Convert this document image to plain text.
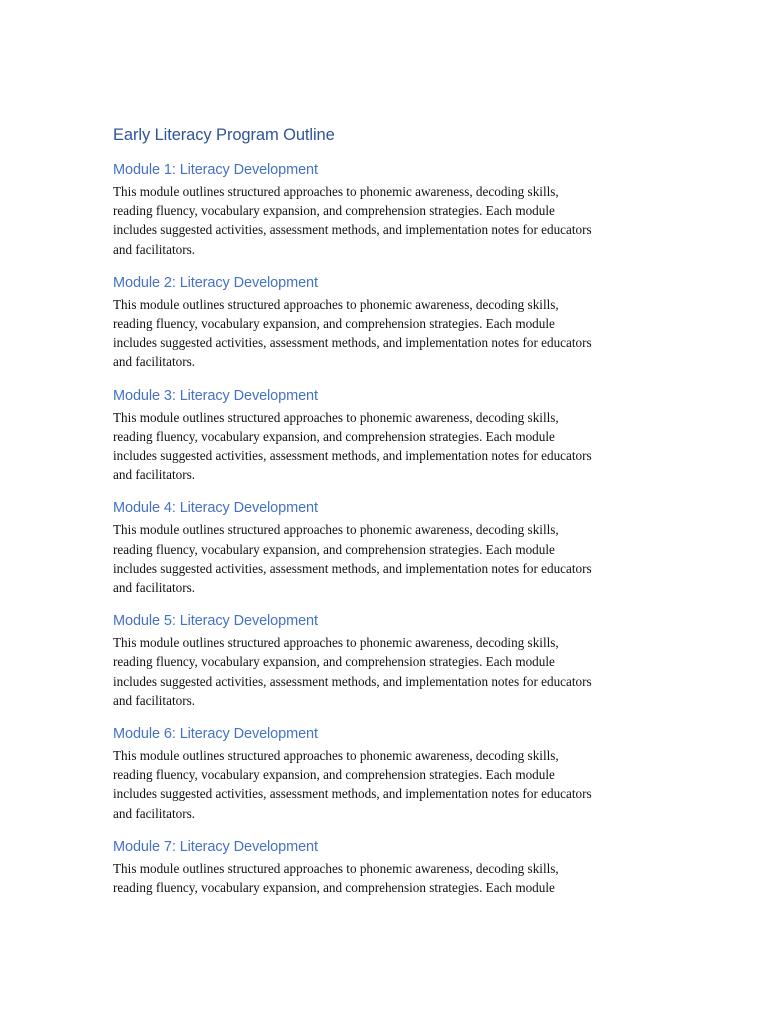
Early Literacy Program Outline
Module 1: Literacy Development

This module outlines structured approaches to phonemic awareness, decoding skills,
reading fluency, vocabulary expansion, and comprehension strategies. Each module
includes suggested activities, assessment methods, and implementation notes for educators
and facilitators.

Module 2: Literacy Development

This module outlines structured approaches to phonemic awareness, decoding skills,
reading fluency, vocabulary expansion, and comprehension strategies. Each module
includes suggested activities, assessment methods, and implementation notes for educators
and facilitators.

Module 3: Literacy Development

This module outlines structured approaches to phonemic awareness, decoding skills,
reading fluency, vocabulary expansion, and comprehension strategies. Each module
includes suggested activities, assessment methods, and implementation notes for educators
and facilitators.

Module 4: Literacy Development

This module outlines structured approaches to phonemic awareness, decoding skills,
reading fluency, vocabulary expansion, and comprehension strategies. Each module
includes suggested activities, assessment methods, and implementation notes for educators
and facilitators.

Module 5: Literacy Development

This module outlines structured approaches to phonemic awareness, decoding skills,
reading fluency, vocabulary expansion, and comprehension strategies. Each module
includes suggested activities, assessment methods, and implementation notes for educators
and facilitators.

Module 6: Literacy Development

This module outlines structured approaches to phonemic awareness, decoding skills,
reading fluency, vocabulary expansion, and comprehension strategies. Each module
includes suggested activities, assessment methods, and implementation notes for educators
and facilitators.

Module 7: Literacy Development

This module outlines structured approaches to phonemic awareness, decoding skills,
reading fluency, vocabulary expansion, and comprehension strategies. Each module
